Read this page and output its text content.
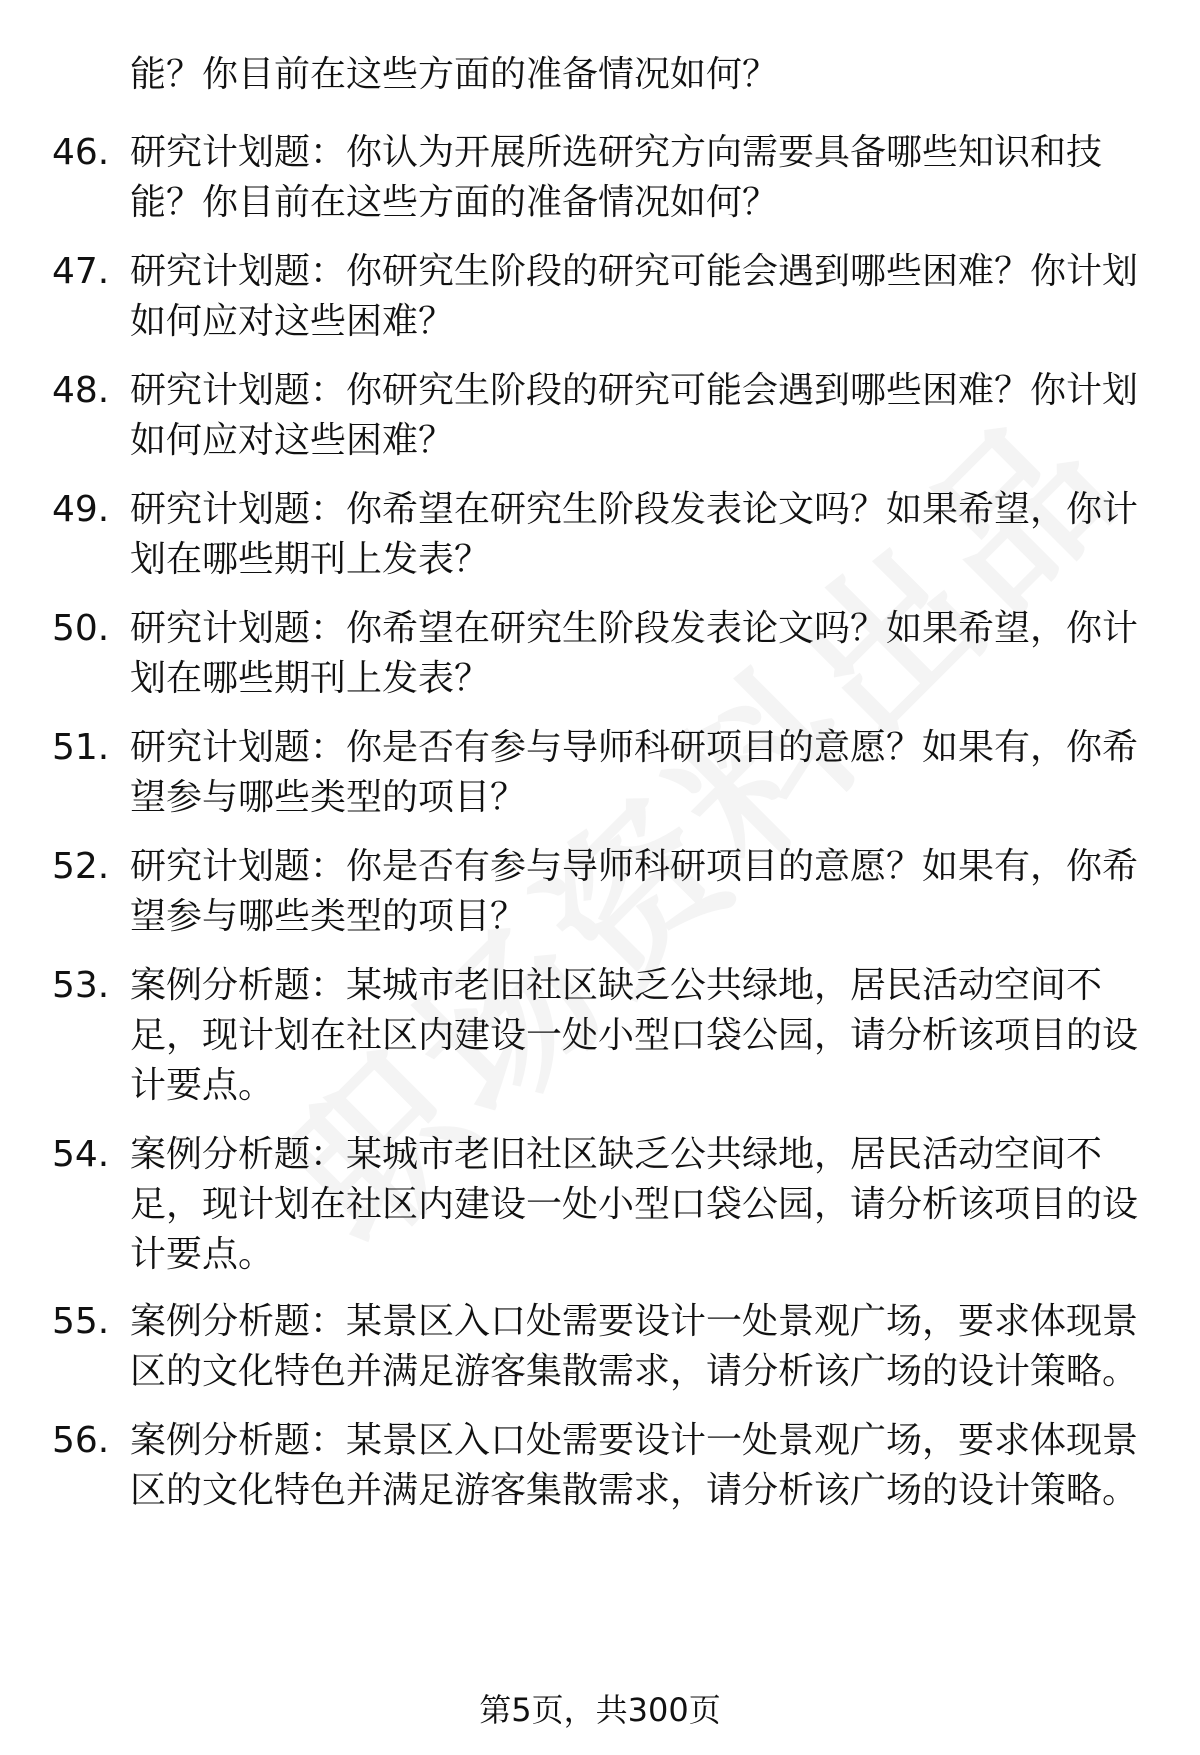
能？你目前在这些方面的准备情况如何？
46. 研究计划题：你认为开展所选研究方向需要具备哪些知识和技
能？你目前在这些方面的准备情况如何？
47. 研究计划题：你研究生阶段的研究可能会遇到哪些困难？你计划
如何应对这些困难？
48. 研究计划题：你研究生阶段的研究可能会遇到哪些困难？你计划
如何应对这些困难？
49. 研究计划题：你希望在研究生阶段发表论文吗？如果希望，你计
划在哪些期刊上发表？
50. 研究计划题：你希望在研究生阶段发表论文吗？如果希望，你计
划在哪些期刊上发表？
51. 研究计划题：你是否有参与导师科研项目的意愿？如果有，你希
望参与哪些类型的项目？
52. 研究计划题：你是否有参与导师科研项目的意愿？如果有，你希
望参与哪些类型的项目？
53. 案例分析题：某城市老旧社区缺乏公共绿地，居民活动空间不
足，现计划在社区内建设一处小型口袋公园，请分析该项目的设
计要点。
54. 案例分析题：某城市老旧社区缺乏公共绿地，居民活动空间不
足，现计划在社区内建设一处小型口袋公园，请分析该项目的设
计要点。
55. 案例分析题：某景区入口处需要设计一处景观广场，要求体现景
区的文化特色并满足游客集散需求，请分析该广场的设计策略。
56. 案例分析题：某景区入口处需要设计一处景观广场，要求体现景
区的文化特色并满足游客集散需求，请分析该广场的设计策略。
第5页，共300页
